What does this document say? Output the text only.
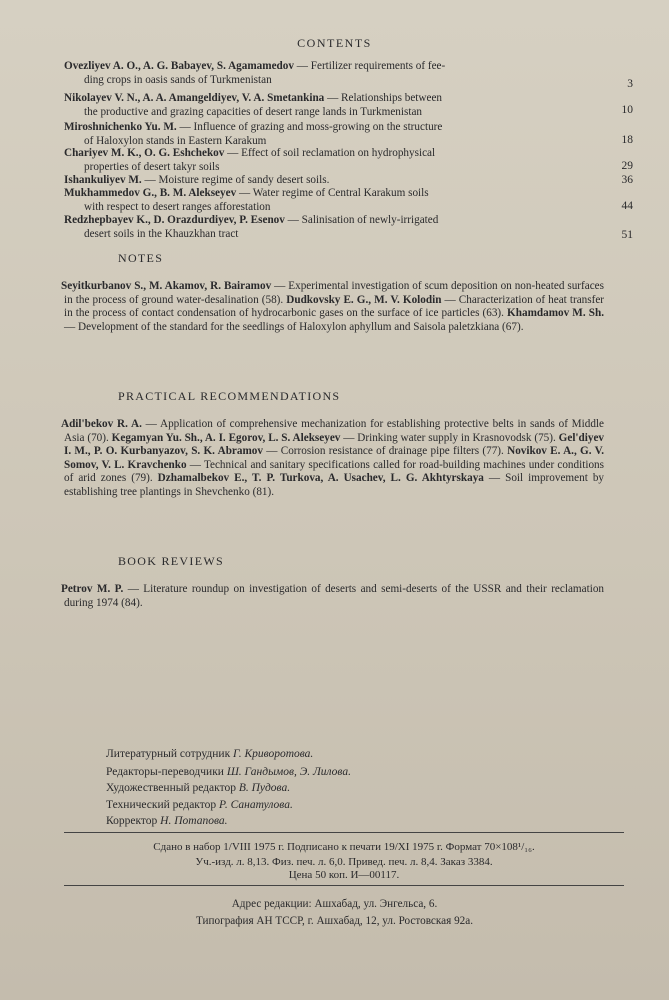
CONTENTS
Ovezliyev A. O., A. G. Babayev, S. Agamamedov — Fertilizer requirements of fee-
ding crops in oasis sands of Turkmenistan	3
Nikolayev V. N., A. A. Amangeldiyev, V. A. Smetankina — Relationships between
the productive and grazing capacities of desert range lands in Turkmenistan	10
Miroshnichenko Yu. M. — Influence of grazing and moss-growing on the structure
of Haloxylon stands in Eastern Karakum	18
Chariyev M. K., O. G. Eshchekov — Effect of soil reclamation on hydrophysical
properties of desert takyr soils	29
Ishankuliyev M. — Moisture regime of sandy desert soils.	36
Mukhammedov G., B. M. Alekseyev — Water regime of Central Karakum soils
with respect to desert ranges afforestation	44
Redzhepbayev K., D. Orazdurdiyev, P. Esenov — Salinisation of newly-irrigated
desert soils in the Khauzkhan tract	51
NOTES
Seyitkurbanov S., M. Akamov, R. Bairamov — Experimental investigation of scum deposition on non-heated surfaces in the process of ground water-desalination (58). Dudkovsky E. G., M. V. Kolodin — Characterization of heat transfer in the process of contact condensation of hydrocarbonic gases on the surface of ice particles (63). Khamdamov M. Sh. — Development of the standard for the seedlings of Haloxylon aphyllum and Saisola paletzkiana (67).
PRACTICAL RECOMMENDATIONS
Adil'bekov R. A. — Application of comprehensive mechanization for establishing protective belts in sands of Middle Asia (70). Kegamyan Yu. Sh., A. I. Egorov, L. S. Alekseyev — Drinking water supply in Krasnovodsk (75). Gel'diyev I. M., P. O. Kurbanyazov, S. K. Abramov — Corrosion resistance of drainage pipe filters (77). Novikov E. A., G. V. Somov, V. L. Kravchenko — Technical and sanitary specifications called for road-building machines under conditions of arid zones (79). Dzhamalbekov E., T. P. Turkova, A. Usachev, L. G. Akhtyrskaya — Soil improvement by establishing tree plantings in Shevchenko (81).
BOOK REVIEWS
Petrov M. P. — Literature roundup on investigation of deserts and semi-deserts of the USSR and their reclamation during 1974 (84).
Литературный сотрудник Г. Криворотова.
Редакторы-переводчики Ш. Гандымов, Э. Лилова.
Художественный редактор В. Пудова.
Технический редактор Р. Санатулова.
Корректор Н. Потапова.
Сдано в набор 1/VIII 1975 г. Подписано к печати 19/XI 1975 г. Формат 70×108¹/₁₆.
Уч.-изд. л. 8,13. Физ. печ. л. 6,0. Привед. печ. л. 8,4. Заказ 3384.
Цена 50 коп. И—00117.
Адрес редакции: Ашхабад, ул. Энгельса, 6.
Типография АН ТССР, г. Ашхабад, 12, ул. Ростовская 92а.
